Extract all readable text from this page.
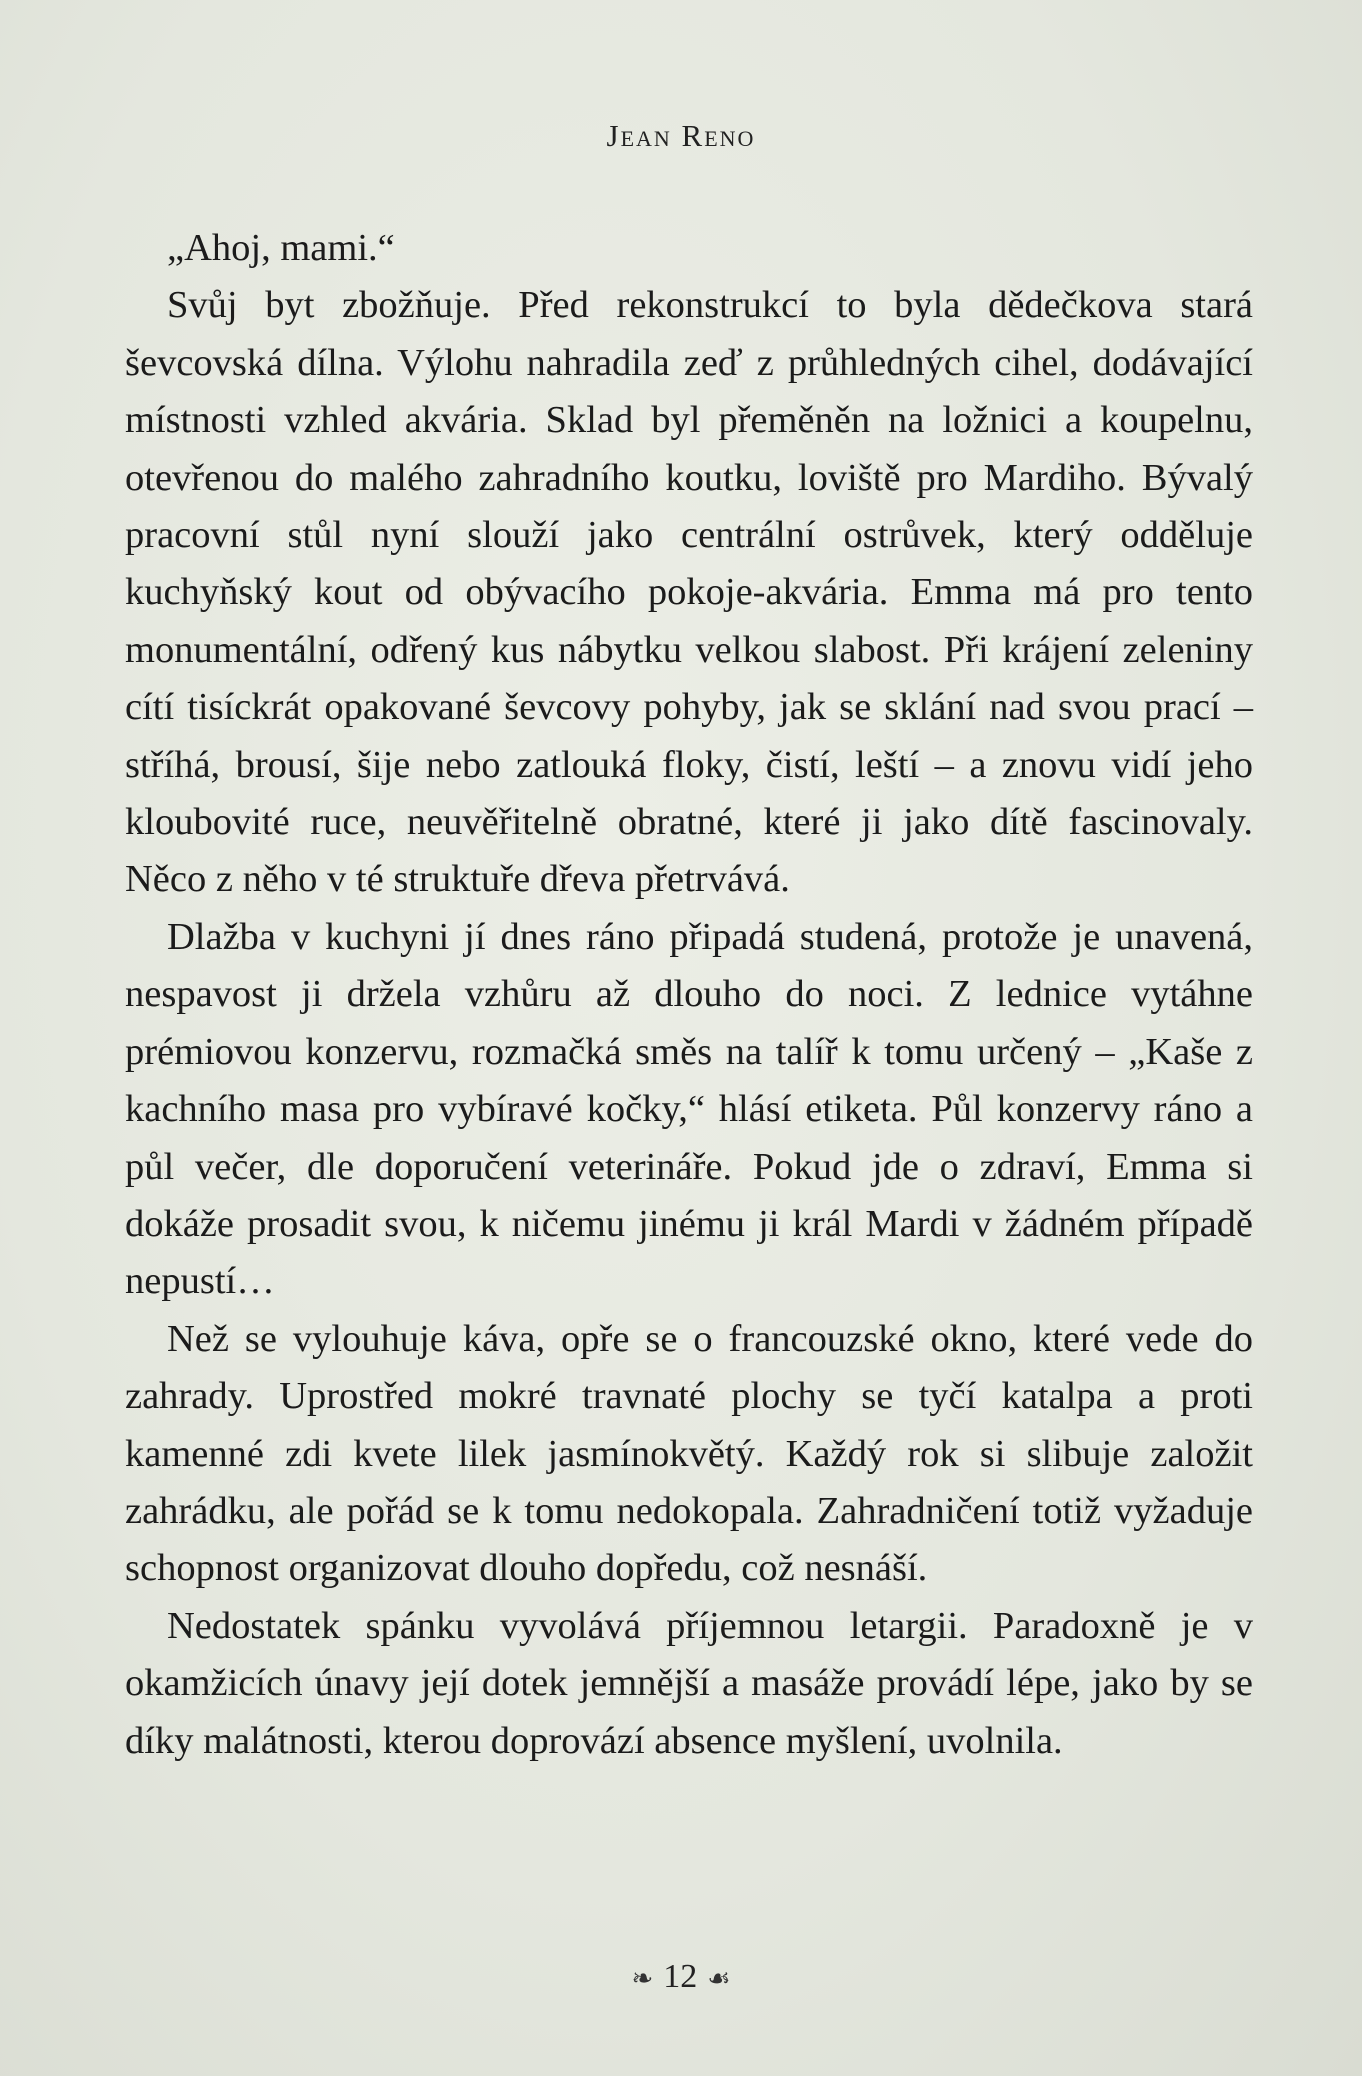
Jean Reno

„Ahoj, mami.“

Svůj byt zbožňuje. Před rekonstrukcí to byla dědečkova stará ševcovská dílna. Výlohu nahradila zeď z průhledných cihel, dodávající místnosti vzhled akvária. Sklad byl přeměněn na ložnici a koupelnu, otevřenou do malého zahradního koutku, loviště pro Mardiho. Bývalý pracovní stůl nyní slouží jako centrální ostrůvek, který odděluje kuchyňský kout od obývacího pokoje-akvária. Emma má pro tento monumentální, odřený kus nábytku velkou slabost. Při krájení zeleniny cítí tisíckrát opakované ševcovy pohyby, jak se sklání nad svou prací – stříhá, brousí, šije nebo zatlouká floky, čistí, leští – a znovu vidí jeho kloubovité ruce, neuvěřitelně obratné, které ji jako dítě fascinovaly. Něco z něho v té struktuře dřeva přetrvává.

Dlažba v kuchyni jí dnes ráno připadá studená, protože je unavená, nespavost ji držela vzhůru až dlouho do noci. Z lednice vytáhne prémiovou konzervu, rozmačká směs na talíř k tomu určený – „Kaše z kachního masa pro vybíravé kočky,“ hlásí etiketa. Půl konzervy ráno a půl večer, dle doporučení veterináře. Pokud jde o zdraví, Emma si dokáže prosadit svou, k ničemu jinému ji král Mardi v žádném případě nepustí…

Než se vylouhuje káva, opře se o francouzské okno, které vede do zahrady. Uprostřed mokré travnaté plochy se tyčí katalpa a proti kamenné zdi kvete lilek jasmínokvětý. Každý rok si slibuje založit zahrádku, ale pořád se k tomu nedokopala. Zahradničení totiž vyžaduje schopnost organizovat dlouho dopředu, což nesnáší.

Nedostatek spánku vyvolává příjemnou letargii. Paradoxně je v okamžicích únavy její dotek jemnější a masáže provádí lépe, jako by se díky malátnosti, kterou doprovází absence myšlení, uvolnila.

❧ 12 ☙
